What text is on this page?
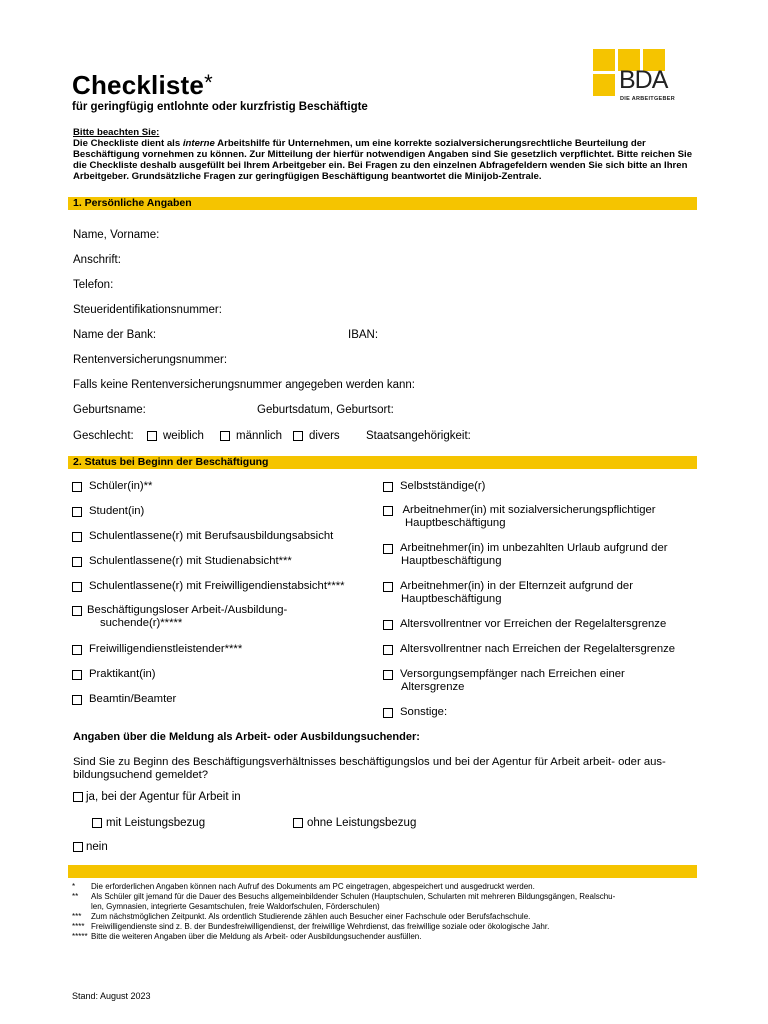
Checkliste*
für geringfügig entlohnte oder kurzfristig Beschäftigte
BDA
DIE ARBEITGEBER
Bitte beachten Sie:
Die Checkliste dient als interne Arbeitshilfe für Unternehmen, um eine korrekte sozialversicherungsrechtliche Beurteilung der Beschäftigung vornehmen zu können. Zur Mitteilung der hierfür notwendigen Angaben sind Sie gesetzlich verpflichtet. Bitte reichen Sie die Checkliste deshalb ausgefüllt bei Ihrem Arbeitgeber ein. Bei Fragen zu den einzelnen Abfragefeldern wenden Sie sich bitte an Ihren Arbeitgeber. Grundsätzliche Fragen zur geringfügigen Beschäftigung beantwortet die Minijob-Zentrale.
1. Persönliche Angaben
Name, Vorname:
Anschrift:
Telefon:
Steueridentifikationsnummer:
Name der Bank:	IBAN:
Rentenversicherungsnummer:
Falls keine Rentenversicherungsnummer angegeben werden kann:
Geburtsname:	Geburtsdatum, Geburtsort:
Geschlecht:	weiblich	männlich	divers Staatsangehörigkeit:
2. Status bei Beginn der Beschäftigung
Schüler(in)**
Student(in)
Schulentlassene(r) mit Berufsausbildungsabsicht
Schulentlassene(r) mit Studienabsicht***
Schulentlassene(r) mit Freiwilligendienstabsicht****
Beschäftigungsloser Arbeit-/Ausbildung-
suchende(r)*****
Freiwilligendienstleistender****
Praktikant(in)
Beamtin/Beamter
Selbstständige(r)
Arbeitnehmer(in) mit sozialversicherungspflichtiger
Hauptbeschäftigung
Arbeitnehmer(in) im unbezahlten Urlaub aufgrund der
Hauptbeschäftigung
Arbeitnehmer(in) in der Elternzeit aufgrund der
Hauptbeschäftigung
Altersvollrentner vor Erreichen der Regelaltersgrenze
Altersvollrentner nach Erreichen der Regelaltersgrenze
Versorgungsempfänger nach Erreichen einer
Altersgrenze
Sonstige:
Angaben über die Meldung als Arbeit- oder Ausbildungsuchender:
Sind Sie zu Beginn des Beschäftigungsverhältnisses beschäftigungslos und bei der Agentur für Arbeit arbeit- oder aus-
bildungsuchend gemeldet?
ja, bei der Agentur für Arbeit in
mit Leistungsbezug	ohne Leistungsbezug
nein
* Die erforderlichen Angaben können nach Aufruf des Dokuments am PC eingetragen, abgespeichert und ausgedruckt werden.
** Als Schüler gilt jemand für die Dauer des Besuchs allgemeinbildender Schulen (Hauptschulen, Schularten mit mehreren Bildungsgängen, Realschu-
len, Gymnasien, integrierte Gesamtschulen, freie Waldorfschulen, Förderschulen)
*** Zum nächstmöglichen Zeitpunkt. Als ordentlich Studierende zählen auch Besucher einer Fachschule oder Berufsfachschule.
**** Freiwilligendienste sind z. B. der Bundesfreiwilligendienst, der freiwillige Wehrdienst, das freiwillige soziale oder ökologische Jahr.
***** Bitte die weiteren Angaben über die Meldung als Arbeit- oder Ausbildungsuchender ausfüllen.
Stand: August 2023
